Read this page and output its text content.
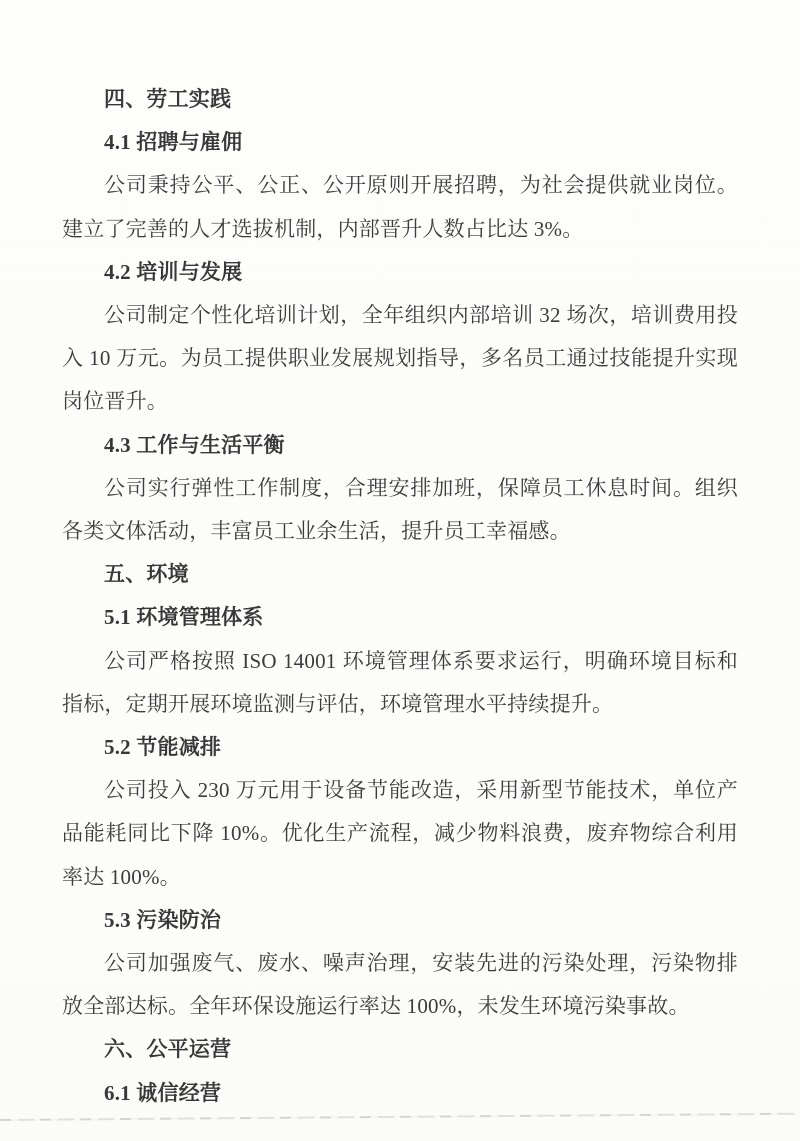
四、劳工实践
4.1 招聘与雇佣

公司秉持公平、公正、公开原则开展招聘，为社会提供就业岗位。建立了完善的人才选拔机制，内部晋升人数占比达 3%。

4.2 培训与发展

公司制定个性化培训计划，全年组织内部培训 32 场次，培训费用投入 10 万元。为员工提供职业发展规划指导，多名员工通过技能提升实现岗位晋升。

4.3 工作与生活平衡

公司实行弹性工作制度，合理安排加班，保障员工休息时间。组织各类文体活动，丰富员工业余生活，提升员工幸福感。

五、环境
5.1 环境管理体系

公司严格按照 ISO 14001 环境管理体系要求运行，明确环境目标和指标，定期开展环境监测与评估，环境管理水平持续提升。

5.2 节能减排

公司投入 230 万元用于设备节能改造，采用新型节能技术，单位产品能耗同比下降 10%。优化生产流程，减少物料浪费，废弃物综合利用率达 100%。

5.3 污染防治

公司加强废气、废水、噪声治理，安装先进的污染处理，污染物排放全部达标。全年环保设施运行率达 100%，未发生环境污染事故。

六、公平运营
6.1 诚信经营
